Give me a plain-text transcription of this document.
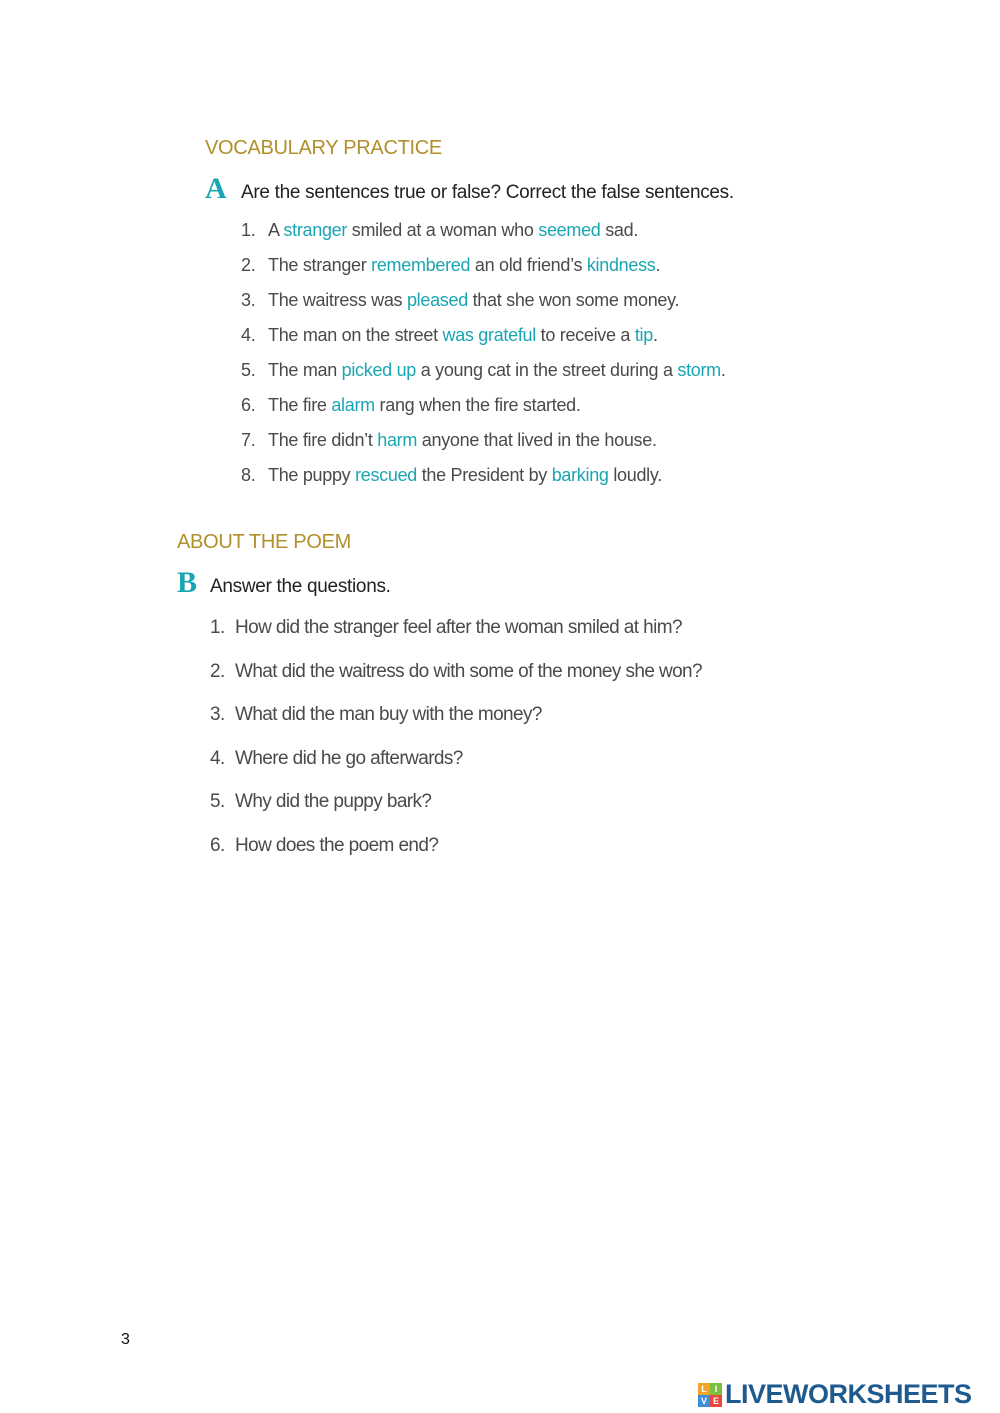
VOCABULARY PRACTICE
A Are the sentences true or false? Correct the false sentences.
1.A stranger smiled at a woman who seemed sad.
2.The stranger remembered an old friend’s kindness.
3.The waitress was pleased that she won some money.
4.The man on the street was grateful to receive a tip.
5.The man picked up a young cat in the street during a storm.
6.The fire alarm rang when the fire started.
7.The fire didn’t harm anyone that lived in the house.
8.The puppy rescued the President by barking loudly.
ABOUT THE POEM
B Answer the questions.
1. How did the stranger feel after the woman smiled at him?
2. What did the waitress do with some of the money she won?
3. What did the man buy with the money?
4. Where did he go afterwards?
5. Why did the puppy bark?
6. How does the poem end?
3
L I
V E LIVEWORKSHEETS
